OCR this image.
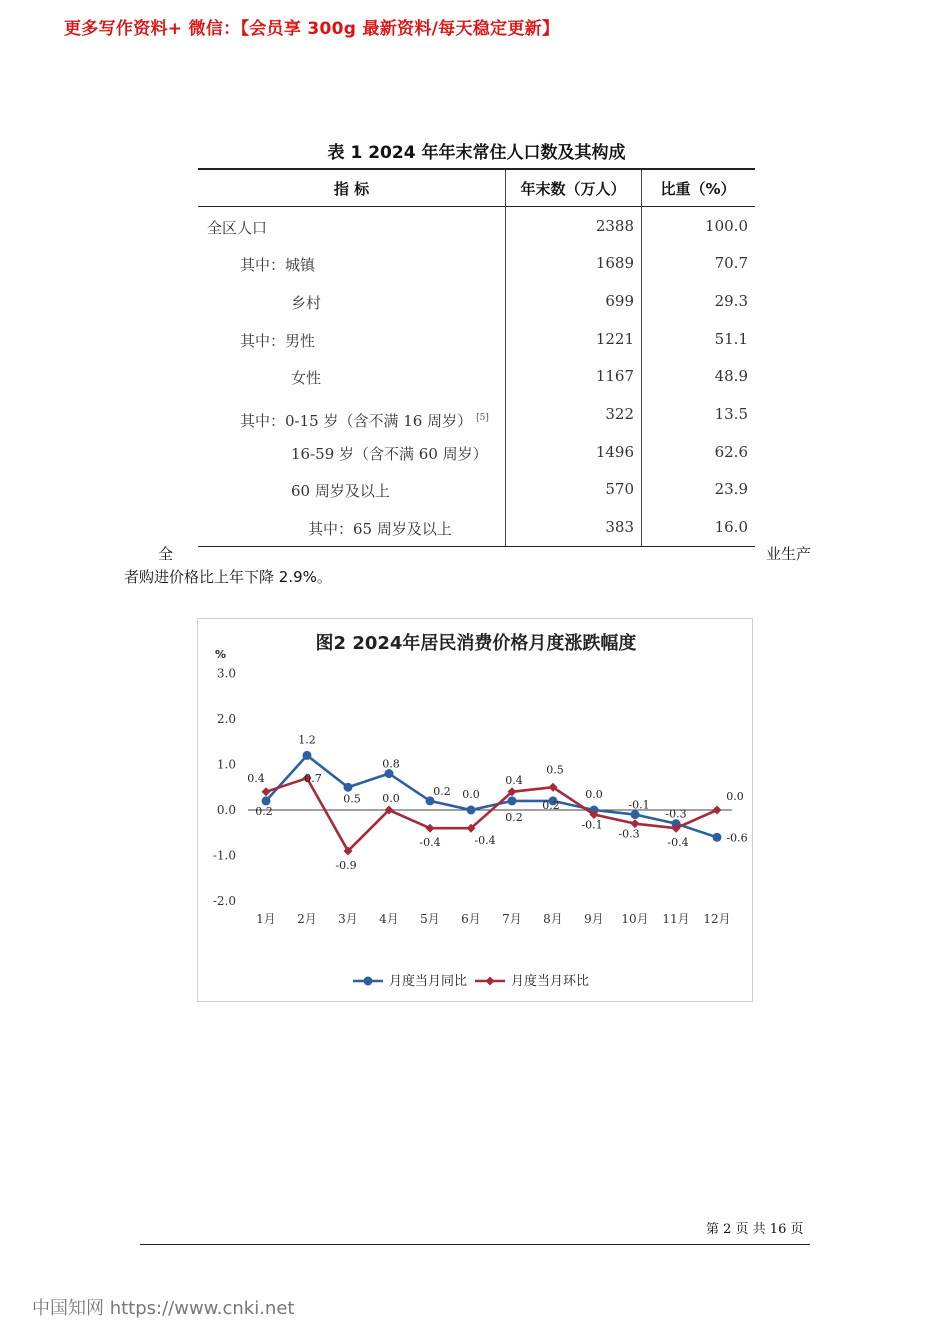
更多写作资料+ 微信：【会员享 300g 最新资料/每天稳定更新】
表 1 2024 年年末常住人口数及其构成
指 标	年末数（万人）	比重（%）
全区人口	2388	100.0
其中：城镇	1689	70.7
乡村	699	29.3
其中：男性	1221	51.1
女性	1167	48.9
其中：0-15 岁（含不满 16 周岁） [5]	322	13.5
16-59 岁（含不满 60 周岁）	1496	62.6
60 周岁及以上	570	23.9
其中：65 周岁及以上	383	16.0
全	业生产
者购进价格比上年下降 2.9%。
图2 2024年居民消费价格月度涨跌幅度
%
3.0
2.0
1.0
0.0
-1.0
-2.0
1月 2月 3月 4月 5月 6月 7月 8月 9月 10月 11月 12月
0.2
1.2
0.5
0.8
0.2 0.0
0.2
0.2
0.0
-0.1
-0.3
-0.6
0.4	0.7
-0.9
0.0
-0.4	-0.4
0.4
0.5
-0.1
-0.3
-0.4
0.0
月度当月同比	月度当月环比
第 2 页 共 16 页
中国知网 https://www.cnki.net
